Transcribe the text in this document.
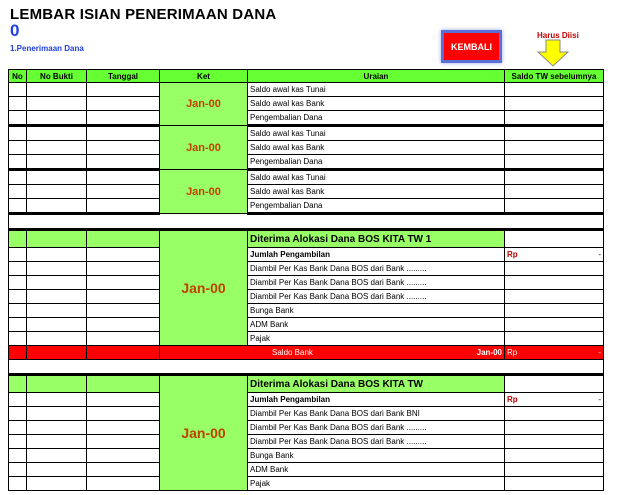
LEMBAR ISIAN PENERIMAAN DANA
0
1.Penerimaan Dana	KEMBALI
Harus Diisi
No	No Bukti	Tanggal	Ket	Uraian	Saldo TW sebelumnya
			Jan-00	Saldo awal kas Tunai	
				Saldo awal kas Bank	
				Pengembalian Dana	
			Jan-00	Saldo awal kas Tunai	
				Saldo awal kas Bank	
				Pengembalian Dana	
			Jan-00	Saldo awal kas Tunai	
				Saldo awal kas Bank	
				Pengembalian Dana	

			Jan-00	Diterima Alokasi Dana BOS KITA TW 1	
				Jumlah Pengambilan	Rp -

				Diambil Per Kas Bank Dana BOS dari Bank .........	
				Diambil Per Kas Bank Dana BOS dari Bank .........	
				Diambil Per Kas Bank Dana BOS dari Bank .........	
				Bunga Bank	
				ADM Bank	
				Pajak	

			Saldo Bank Jan-00		Rp -

			Jan-00	Diterima Alokasi Dana BOS KITA TW	
				Jumlah Pengambilan	Rp -

				Diambil Per Kas Bank Dana BOS dari Bank BNI	
				Diambil Per Kas Bank Dana BOS dari Bank .........	
				Diambil Per Kas Bank Dana BOS dari Bank .........	
				Bunga Bank	
				ADM Bank	
				Pajak	
